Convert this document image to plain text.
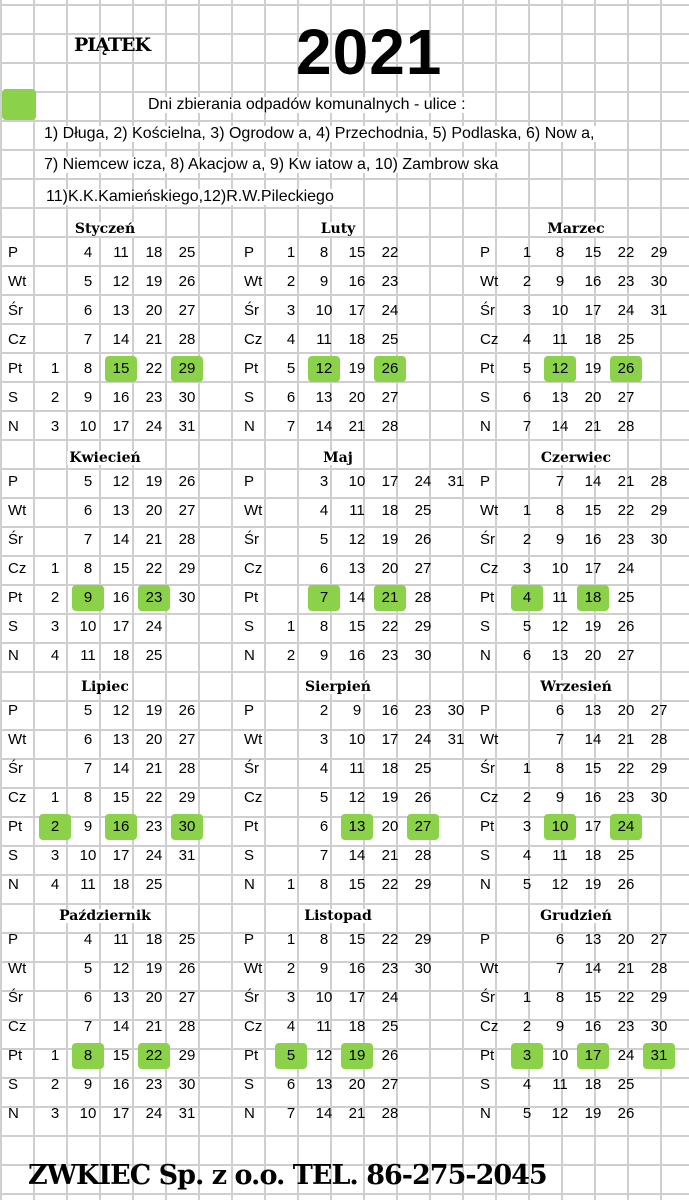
PIĄTEK 2021
Dni zbierania odpadów komunalnych - ulice :
1) Długa, 2) Kościelna, 3) Ogrodow a, 4) Przechodnia, 5) Podlaska, 6) Now a,
7) Niemcew icza, 8) Akacjow a, 9) Kw iatow a, 10) Zambrow ska
11)K.K.Kamieńskiego,12)R.W.Pileckiego
Styczeń
P
Wt
Śr
Cz
Pt
S
N
1
2
3
4
5
6
7
8
9
10
11
12
13
14
15
16
17
18
19
20
21
22
23
24
25
26
27
28
29
30
31
Luty
P
Wt
Śr
Cz
Pt
S
N
1
2
3
4
5
6
7
8
9
10
11
12
13
14
15
16
17
18
19
20
21
22
23
24
25
26
27
28
Marzec
P
Wt
Śr
Cz
Pt
S
N
1
2
3
4
5
6
7
8
9
10
11
12
13
14
15
16
17
18
19
20
21
22
23
24
25
26
27
28
29
30
31
Kwiecień
P
Wt
Śr
Cz
Pt
S
N
1
2
3
4
5
6
7
8
9
10
11
12
13
14
15
16
17
18
19
20
21
22
23
24
25
26
27
28
29
30
Maj
P
Wt
Śr
Cz
Pt
S
N
1
2
3
4
5
6
7
8
9
10
11
12
13
14
15
16
17
18
19
20
21
22
23
24
25
26
27
28
29
30
31
Czerwiec
P
Wt
Śr
Cz
Pt
S
N
1
2
3
4
5
6
7
8
9
10
11
12
13
14
15
16
17
18
19
20
21
22
23
24
25
26
27
28
29
30
Lipiec
P
Wt
Śr
Cz
Pt
S
N
1
2
3
4
5
6
7
8
9
10
11
12
13
14
15
16
17
18
19
20
21
22
23
24
25
26
27
28
29
30
31
Sierpień
P
Wt
Śr
Cz
Pt
S
N	1
2
3
4
5
6
7
8
9
10
11
12
13
14
15
16
17
18
19
20
21
22
23
24
25
26
27
28
29
30
31
Wrzesień
P
Wt
Śr
Cz
Pt
S
N
1
2
3
4
5
6
7
8
9
10
11
12
13
14
15
16
17
18
19
20
21
22
23
24
25
26
27
28
29
30
Październik
P
Wt
Śr
Cz
Pt
S
N
1
2
3
4
5
6
7
8
9
10
11
12
13
14
15
16
17
18
19
20
21
22
23
24
25
26
27
28
29
30
31
Listopad
P
Wt
Śr
Cz
Pt
S
N
1
2
3
4
5
6
7
8
9
10
11
12
13
14
15
16
17
18
19
20
21
22
23
24
25
26
27
28
29
30
Grudzień
P
Wt
Śr
Cz
Pt
S
N
1
2
3
4
5
6
7
8
9
10
11
12
13
14
15
16
17
18
19
20
21
22
23
24
25
26
27
28
29
30
31
ZWKIEC Sp. z o.o. TEL. 86-275-2045
